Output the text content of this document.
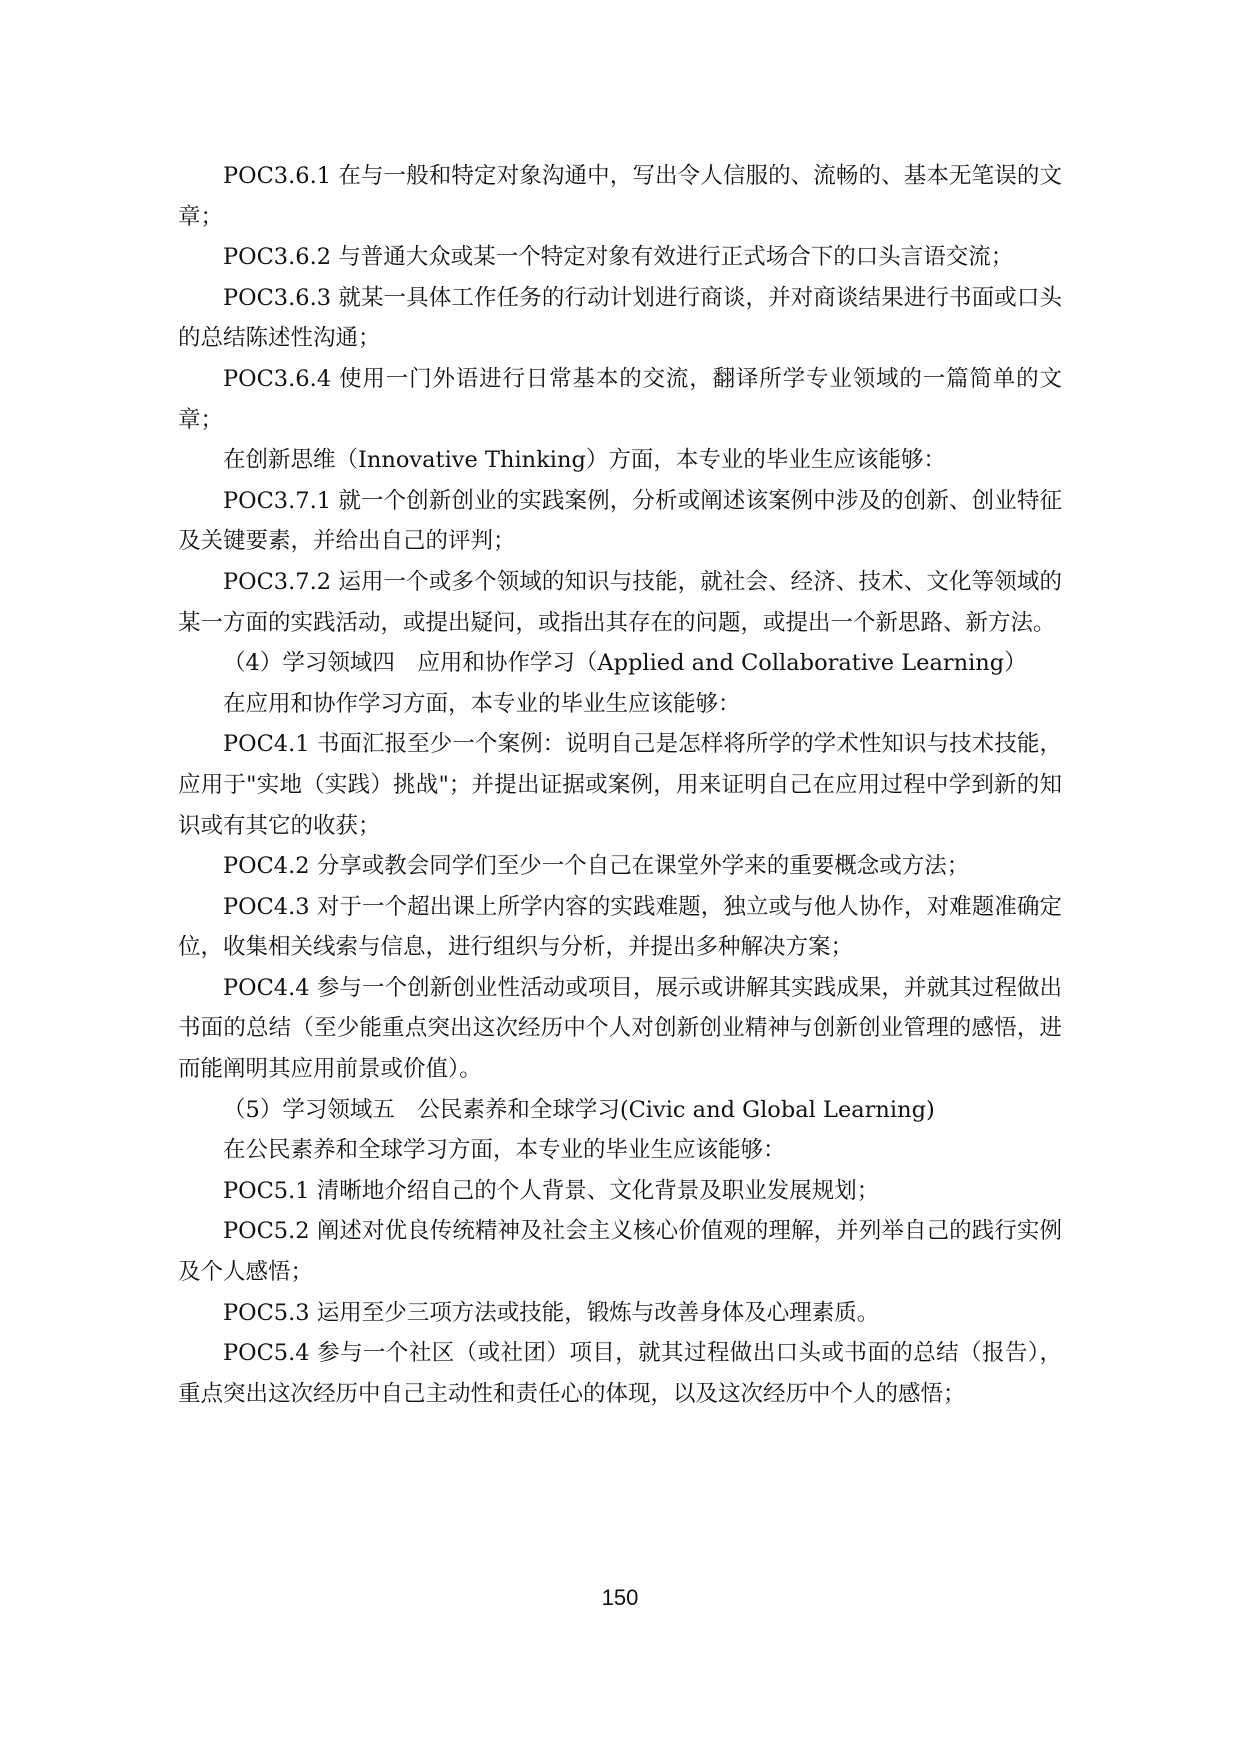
POC3.6.1 在与一般和特定对象沟通中，写出令人信服的、流畅的、基本无笔误的文章；

POC3.6.2 与普通大众或某一个特定对象有效进行正式场合下的口头言语交流；

POC3.6.3 就某一具体工作任务的行动计划进行商谈，并对商谈结果进行书面或口头的总结陈述性沟通；

POC3.6.4 使用一门外语进行日常基本的交流，翻译所学专业领域的一篇简单的文章；

在创新思维（Innovative Thinking）方面，本专业的毕业生应该能够：

POC3.7.1 就一个创新创业的实践案例，分析或阐述该案例中涉及的创新、创业特征及关键要素，并给出自己的评判；

POC3.7.2 运用一个或多个领域的知识与技能，就社会、经济、技术、文化等领域的某一方面的实践活动，或提出疑问，或指出其存在的问题，或提出一个新思路、新方法。

（4）学习领域四　应用和协作学习（Applied and Collaborative Learning）

在应用和协作学习方面，本专业的毕业生应该能够：

POC4.1 书面汇报至少一个案例：说明自己是怎样将所学的学术性知识与技术技能，应用于"实地（实践）挑战"；并提出证据或案例，用来证明自己在应用过程中学到新的知识或有其它的收获；

POC4.2 分享或教会同学们至少一个自己在课堂外学来的重要概念或方法；

POC4.3 对于一个超出课上所学内容的实践难题，独立或与他人协作，对难题准确定位，收集相关线索与信息，进行组织与分析，并提出多种解决方案；

POC4.4 参与一个创新创业性活动或项目，展示或讲解其实践成果，并就其过程做出书面的总结（至少能重点突出这次经历中个人对创新创业精神与创新创业管理的感悟，进而能阐明其应用前景或价值）。

（5）学习领域五　公民素养和全球学习(Civic and Global Learning)

在公民素养和全球学习方面，本专业的毕业生应该能够：

POC5.1 清晰地介绍自己的个人背景、文化背景及职业发展规划；

POC5.2 阐述对优良传统精神及社会主义核心价值观的理解，并列举自己的践行实例及个人感悟；

POC5.3 运用至少三项方法或技能，锻炼与改善身体及心理素质。

POC5.4 参与一个社区（或社团）项目，就其过程做出口头或书面的总结（报告），重点突出这次经历中自己主动性和责任心的体现，以及这次经历中个人的感悟；

150
